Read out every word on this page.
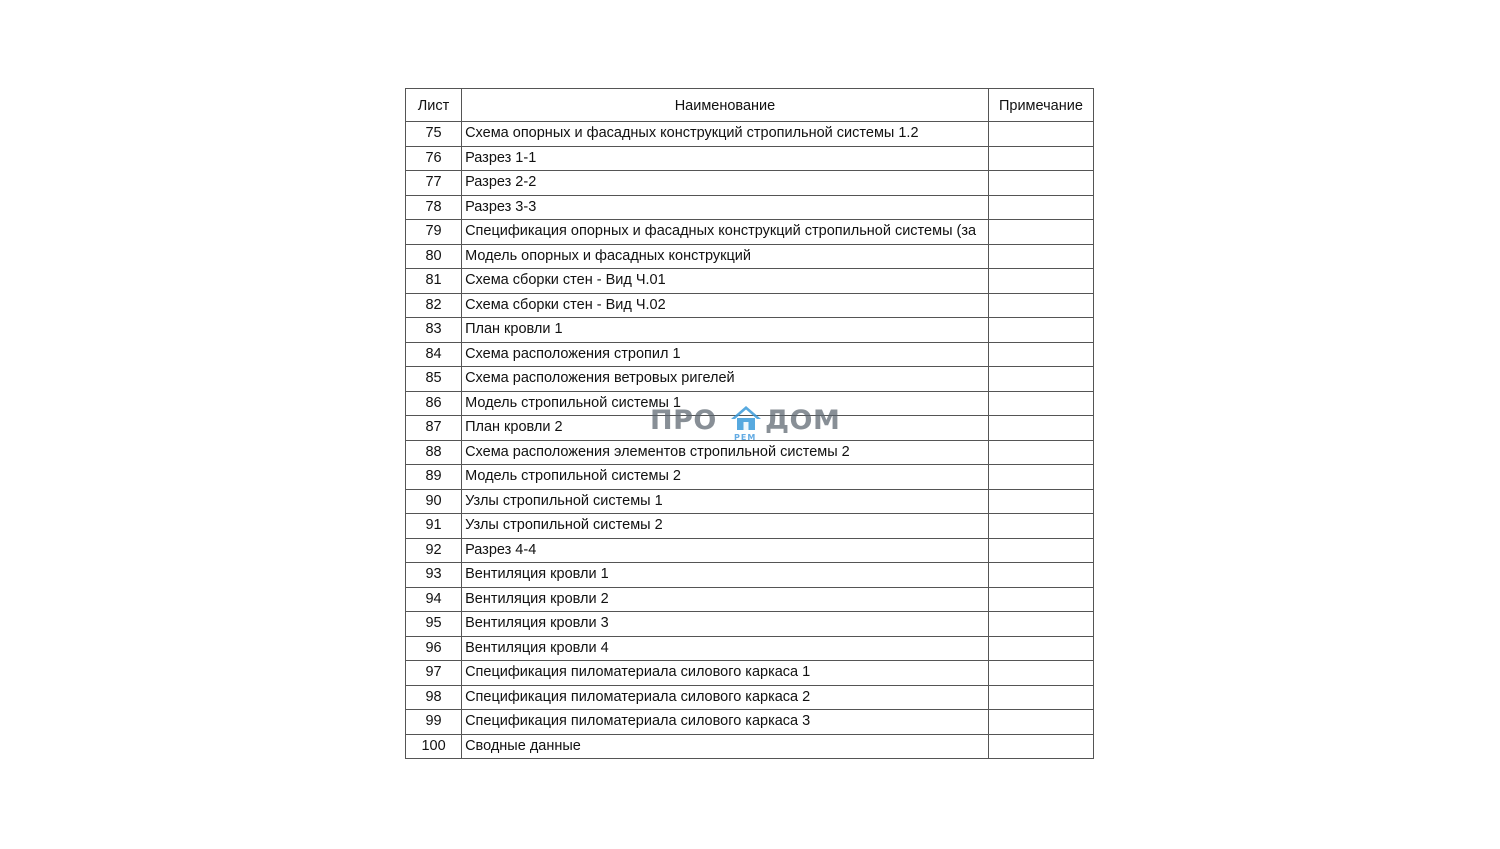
Лист	Наименование	Примечание
75	Схема опорных и фасадных конструкций стропильной системы 1.2	
76	Разрез 1-1	
77	Разрез 2-2	
78	Разрез 3-3	
79	Спецификация опорных и фасадных конструкций стропильной системы (за	
80	Модель опорных и фасадных конструкций	
81	Схема сборки стен - Вид Ч.01	
82	Схема сборки стен - Вид Ч.02	
83	План кровли 1	
84	Схема расположения стропил 1	
85	Схема расположения ветровых ригелей	
86	Модель стропильной системы 1	
87	План кровли 2	
88	Схема расположения элементов стропильной системы 2	
89	Модель стропильной системы 2	
90	Узлы стропильной системы 1	
91	Узлы стропильной системы 2	
92	Разрез 4-4	
93	Вентиляция кровли 1	
94	Вентиляция кровли 2	
95	Вентиляция кровли 3	
96	Вентиляция кровли 4	
97	Спецификация пиломатериала силового каркаса 1	
98	Спецификация пиломатериала силового каркаса 2	
99	Спецификация пиломатериала силового каркаса 3	
100	Сводные данные	
ПРО
РЕМ
ДОМ
